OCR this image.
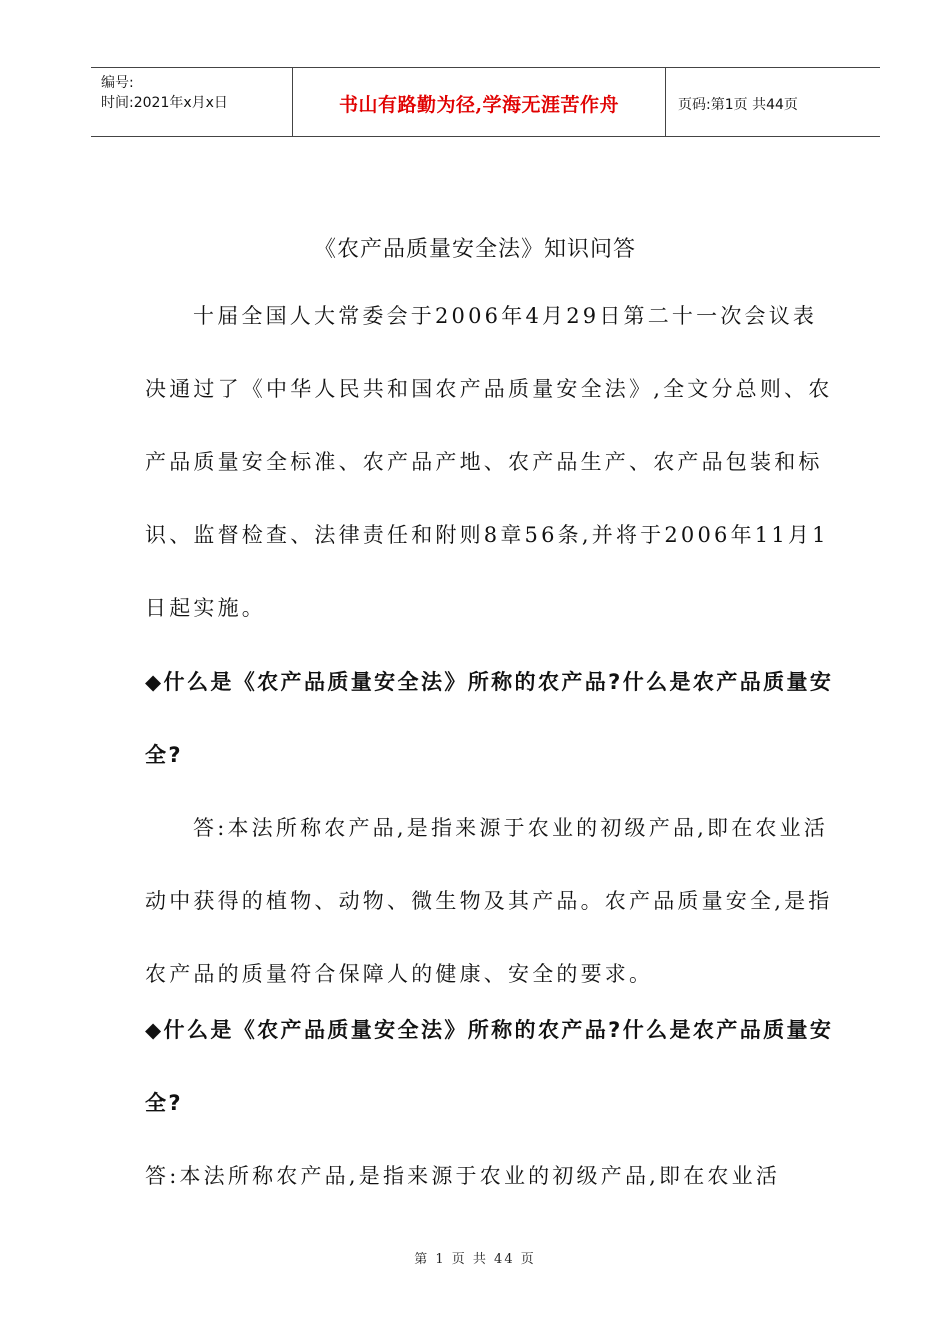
编号:
时间:2021年x月x日	书山有路勤为径,学海无涯苦作舟	页码:第1页 共44页
《农产品质量安全法》知识问答

十届全国人大常委会于2006年4月29日第二十一次会议表决通过了《中华人民共和国农产品质量安全法》,全文分总则、农产品质量安全标准、农产品产地、农产品生产、农产品包装和标识、监督检查、法律责任和附则8章56条,并将于2006年11月1日起实施。

◆什么是《农产品质量安全法》所称的农产品?什么是农产品质量安全?

答:本法所称农产品,是指来源于农业的初级产品,即在农业活动中获得的植物、动物、微生物及其产品。农产品质量安全,是指农产品的质量符合保障人的健康、安全的要求。

◆什么是《农产品质量安全法》所称的农产品?什么是农产品质量安全?

答:本法所称农产品,是指来源于农业的初级产品,即在农业活

第 1 页 共 44 页
